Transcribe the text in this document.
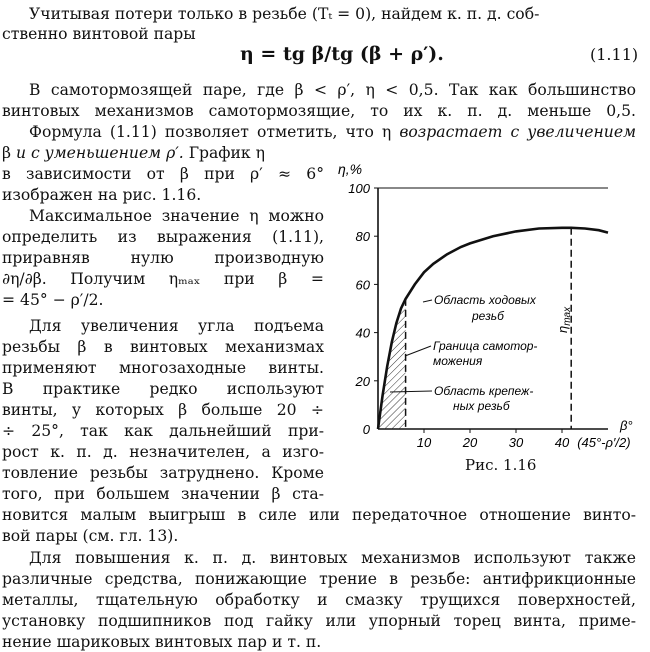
Учитывая потери только в резьбе (Tₜ = 0), найдем к. п. д. соб-
ственно винтовой пары
η = tg β/tg (β + ρ′).	(1.11)
В самотормозящей паре, где β < ρ′, η < 0,5. Так как большинство
винтовых механизмов самотормозящие, то их к. п. д. меньше 0,5.
Формула (1.11) позволяет отметить, что η возрастает с увеличением
β и с уменьшением ρ′. График η
в зависимости от β при ρ′ ≈ 6°
изображен на рис. 1.16.
Максимальное значение η можно
определить из выражения (1.11),
приравняв нулю производную
∂η/∂β. Получим ηₘₐₓ при β =
= 45° − ρ′/2.
Для увеличения угла подъема
резьбы β в винтовых механизмах
применяют многозаходные винты.
В практике редко используют
винты, у которых β больше 20 ÷
÷ 25°, так как дальнейший при-
рост к. п. д. незначителен, а изго-
товление резьбы затруднено. Кроме
того, при большем значении β ста-
новится малым выигрыш в силе или передаточное отношение винто-
вой пары (см. гл. 13).
Для повышения к. п. д. винтовых механизмов используют также
различные средства, понижающие трение в резьбе: антифрикционные
металлы, тщательную обработку и смазку трущихся поверхностей,
установку подшипников под гайку или упорный торец винта, приме-
нение шариковых винтовых пар и т. п.
0
20
40
60
80
100
10 20 30 40 (45°-ρ′/2)
η,%
β°
Область ходовых
резьб
Граница самотор-
можения
Область крепеж-
ных резьб
$\eta_{max}$
Рис. 1.16
